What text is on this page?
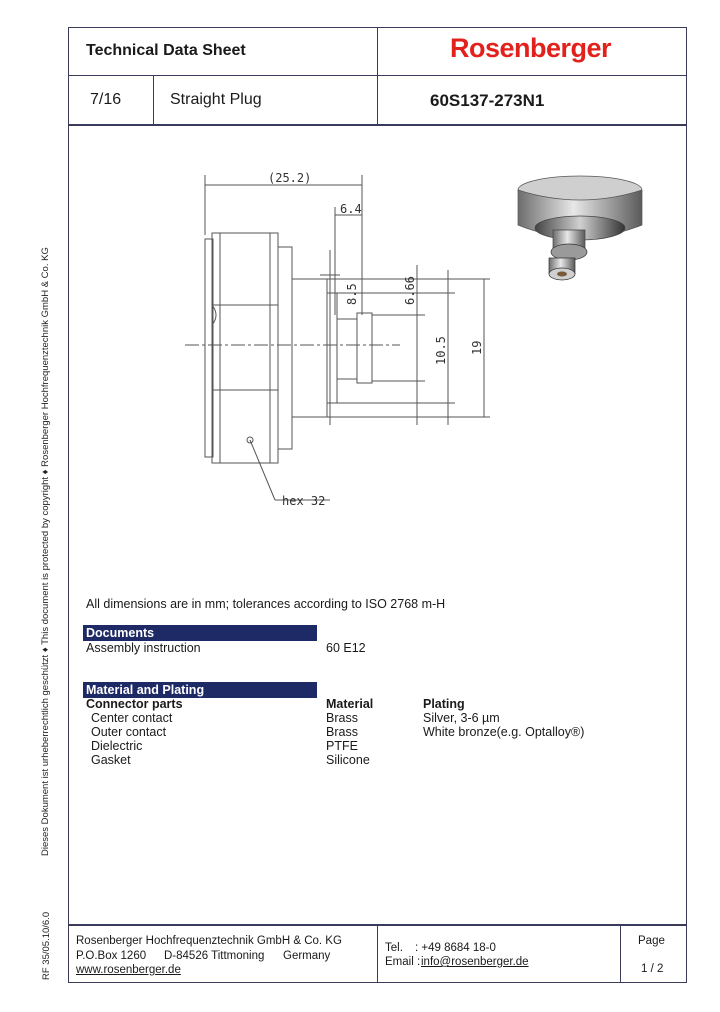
Dieses Dokument ist urheberrechtlich geschützt ♦ This document is protected by copyright ♦ Rosenberger Hochfrequenztechnik GmbH & Co. KG
RF 35/05.10/6.0
Technical Data Sheet	Rosenberger
7/16	Straight Plug	60S137-273N1
(25.2)
6.4
8.5	6.66
10.5 19
hex 32
All dimensions are in mm; tolerances according to ISO 2768 m-H
Documents
Assembly instruction	60 E12
Material and Plating
Connector parts	Material	Plating
Center contact	Brass	Silver, 3-6 µm
Outer contact	Brass	White bronze(e.g. Optalloy®)
Dielectric	PTFE
Gasket	Silicone
Rosenberger Hochfrequenztechnik GmbH & Co. KG
P.O.Box 1260 D-84526 Tittmoning Germany
www.rosenberger.de
Tel. : +49 8684 18-0
Email : info@rosenberger.de
Page
1 / 2
